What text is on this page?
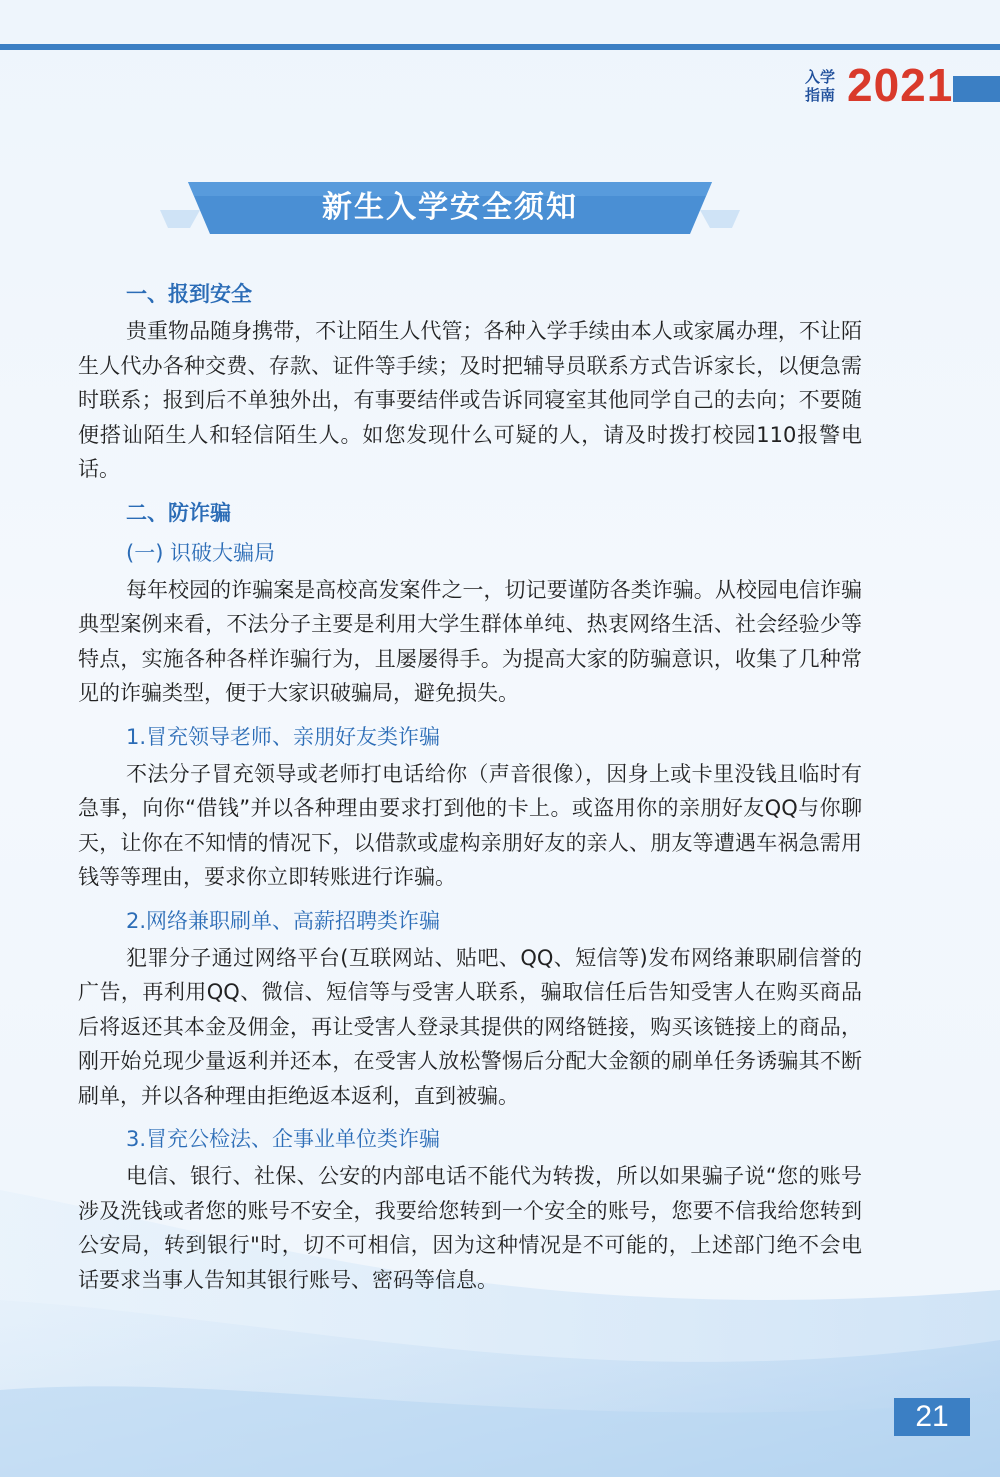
入学
指南 2021
新生入学安全须知
一、报到安全

贵重物品随身携带，不让陌生人代管；各种入学手续由本人或家属办理，不让陌生人代办各种交费、存款、证件等手续；及时把辅导员联系方式告诉家长，以便急需时联系；报到后不单独外出，有事要结伴或告诉同寝室其他同学自己的去向；不要随便搭讪陌生人和轻信陌生人。如您发现什么可疑的人，请及时拨打校园110报警电话。

二、防诈骗
(一) 识破大骗局

每年校园的诈骗案是高校高发案件之一，切记要谨防各类诈骗。从校园电信诈骗典型案例来看，不法分子主要是利用大学生群体单纯、热衷网络生活、社会经验少等特点，实施各种各样诈骗行为，且屡屡得手。为提高大家的防骗意识，收集了几种常见的诈骗类型，便于大家识破骗局，避免损失。

1.冒充领导老师、亲朋好友类诈骗

不法分子冒充领导或老师打电话给你（声音很像），因身上或卡里没钱且临时有急事，向你“借钱”并以各种理由要求打到他的卡上。或盗用你的亲朋好友QQ与你聊天，让你在不知情的情况下，以借款或虚构亲朋好友的亲人、朋友等遭遇车祸急需用钱等等理由，要求你立即转账进行诈骗。

2.网络兼职刷单、高薪招聘类诈骗

犯罪分子通过网络平台(互联网站、贴吧、QQ、短信等)发布网络兼职刷信誉的广告，再利用QQ、微信、短信等与受害人联系，骗取信任后告知受害人在购买商品后将返还其本金及佣金，再让受害人登录其提供的网络链接，购买该链接上的商品，刚开始兑现少量返利并还本，在受害人放松警惕后分配大金额的刷单任务诱骗其不断刷单，并以各种理由拒绝返本返利，直到被骗。

3.冒充公检法、企事业单位类诈骗

电信、银行、社保、公安的内部电话不能代为转拨，所以如果骗子说“您的账号涉及洗钱或者您的账号不安全，我要给您转到一个安全的账号，您要不信我给您转到公安局，转到银行"时，切不可相信，因为这种情况是不可能的，上述部门绝不会电话要求当事人告知其银行账号、密码等信息。

21
